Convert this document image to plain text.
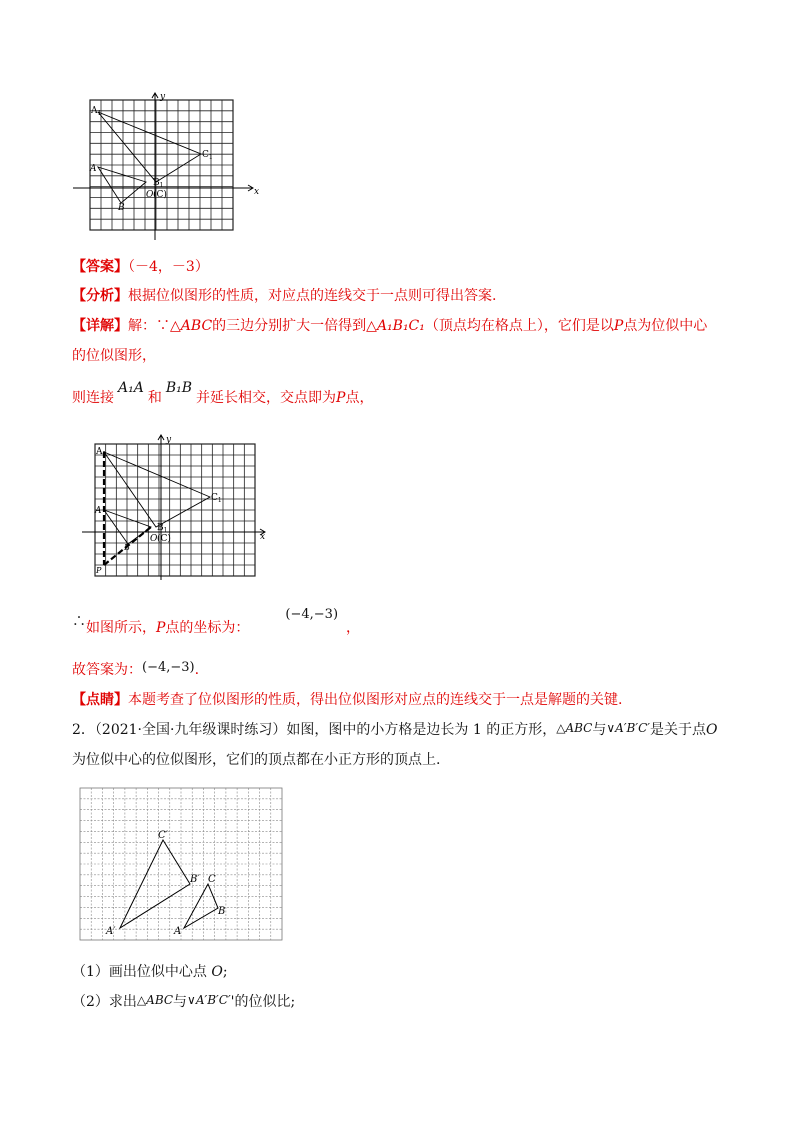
y
x
$A_1$
$C_1$
A
$B_1$
O (C)
B
【答案】（－4，－3）
【分析】根据位似图形的性质，对应点的连线交于一点则可得出答案.
【详解】解：∵△ABC的三边分别扩大一倍得到△A₁B₁C₁（顶点均在格点上），它们是以P点为位似中心
的位似图形，
则连接A₁A和B₁B并延长相交，交点即为P点，
y
x
$A_1$
$C_1$
A
$B_1$
O (C)
B
P
∴如图所示，P点的坐标为：(−4,−3)，
故答案为：(−4,−3).
【点睛】本题考查了位似图形的性质，得出位似图形对应点的连线交于一点是解题的关键.
2．（2021·全国·九年级课时练习）如图，图中的小方格是边长为 1 的正方形，△ABC与∨A′B′C′是关于点O
为位似中心的位似图形，它们的顶点都在小正方形的顶点上.
C′
B′
A′
C
B
A
（1）画出位似中心点 O;
（2）求出△ABC与∨A′B′C′'的位似比;
